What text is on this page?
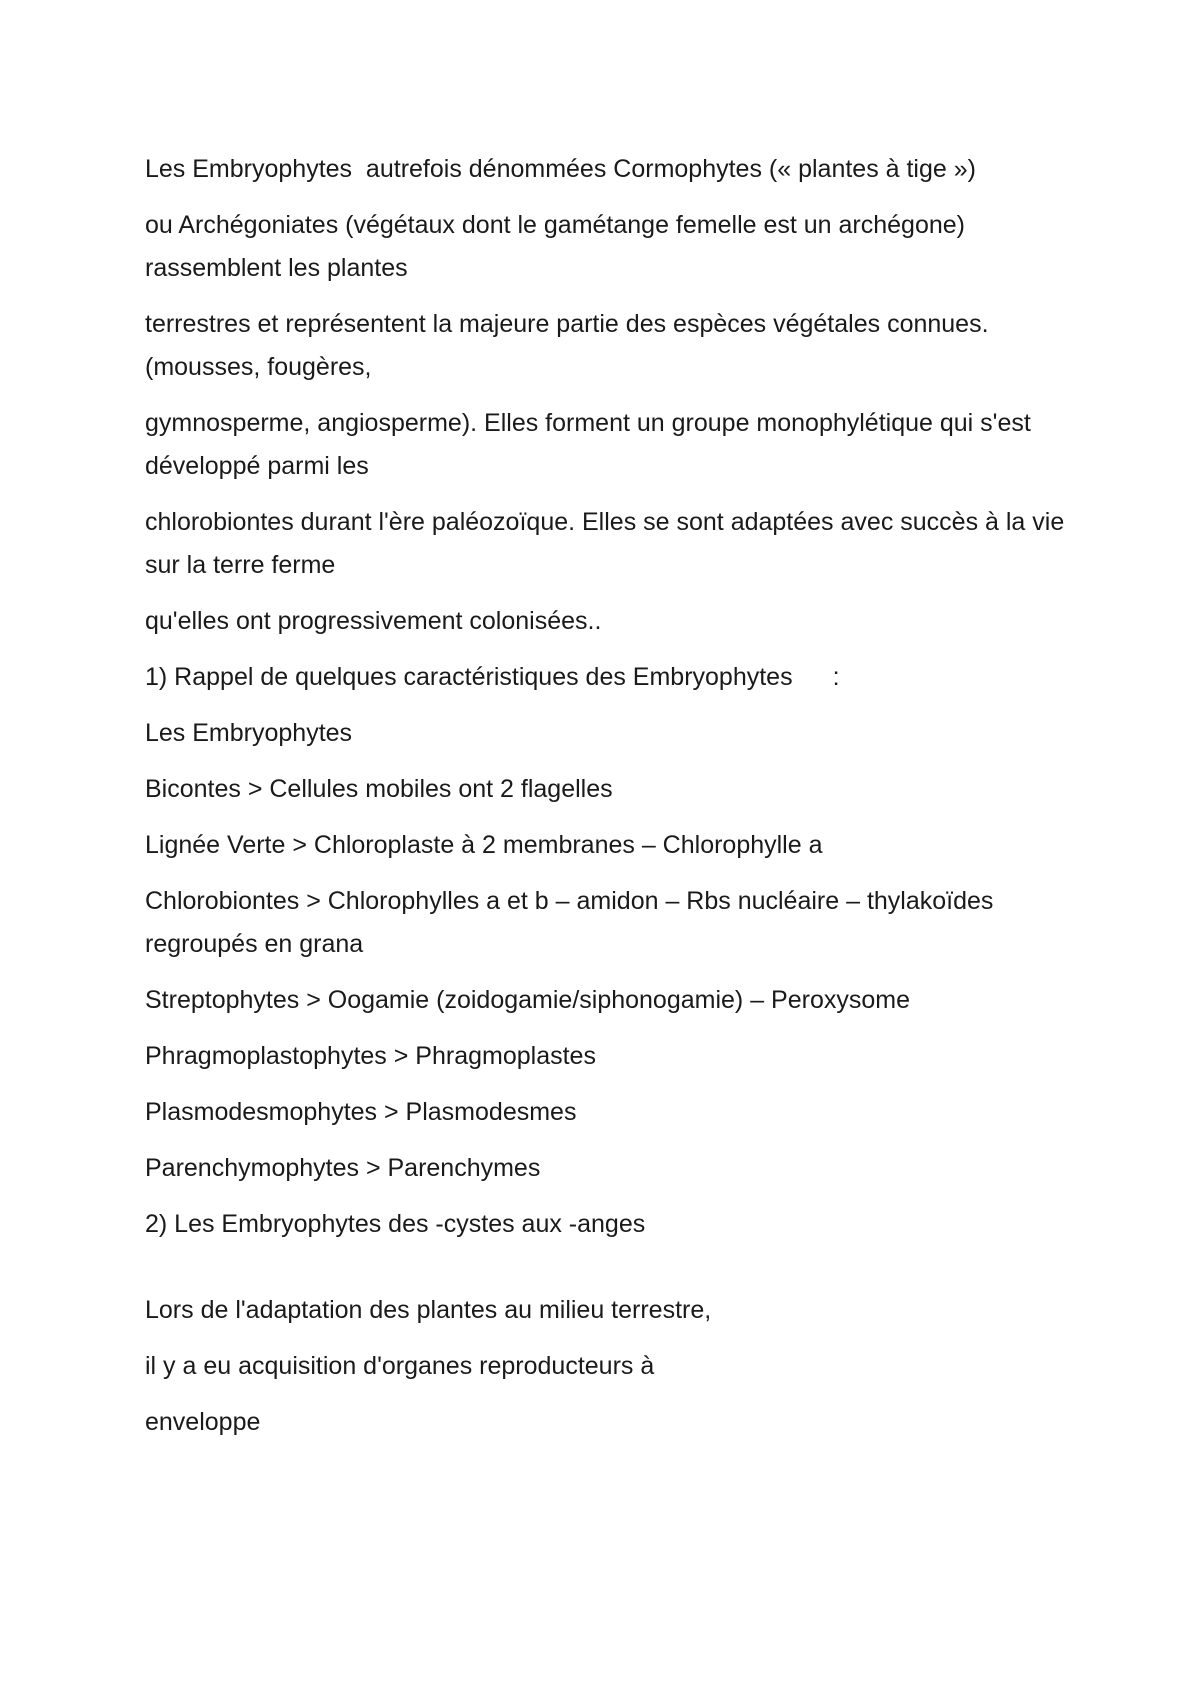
Les Embryophytes  autrefois dénommées Cormophytes (« plantes à tige »)

ou Archégoniates (végétaux dont le gamétange femelle est un archégone) rassemblent les plantes

terrestres et représentent la majeure partie des espèces végétales connues. (mousses, fougères,

gymnosperme, angiosperme). Elles forment un groupe monophylétique qui s'est développé parmi les

chlorobiontes durant l'ère paléozoïque. Elles se sont adaptées avec succès à la vie sur la terre ferme

qu'elles ont progressivement colonisées..

1) Rappel de quelques caractéristiques des Embryophytes :

Les Embryophytes

Bicontes > Cellules mobiles ont 2 flagelles

Lignée Verte > Chloroplaste à 2 membranes – Chlorophylle a

Chlorobiontes > Chlorophylles a et b – amidon – Rbs nucléaire – thylakoïdes regroupés en grana

Streptophytes > Oogamie (zoidogamie/siphonogamie) – Peroxysome

Phragmoplastophytes > Phragmoplastes

Plasmodesmophytes > Plasmodesmes

Parenchymophytes > Parenchymes

2) Les Embryophytes des -cystes aux -anges

Lors de l'adaptation des plantes au milieu terrestre,

il y a eu acquisition d'organes reproducteurs à

enveloppe
